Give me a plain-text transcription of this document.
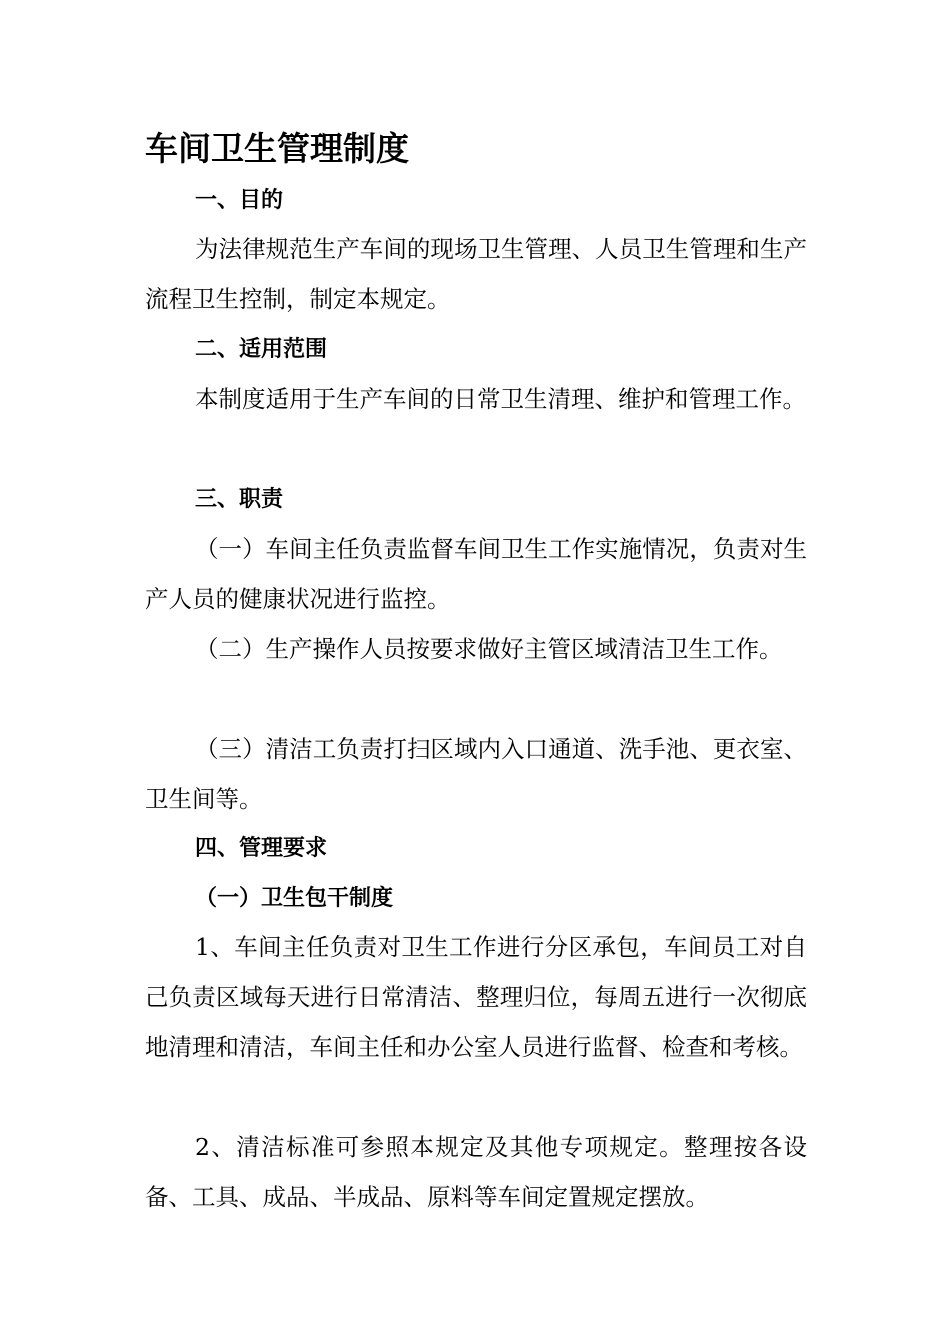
车间卫生管理制度
一、目的
为法律规范生产车间的现场卫生管理、人员卫生管理和生产流程卫生控制，制定本规定。
二、适用范围
本制度适用于生产车间的日常卫生清理、维护和管理工作。
三、职责
（一）车间主任负责监督车间卫生工作实施情况，负责对生产人员的健康状况进行监控。
（二）生产操作人员按要求做好主管区域清洁卫生工作。
（三）清洁工负责打扫区域内入口通道、洗手池、更衣室、卫生间等。
四、管理要求
（一）卫生包干制度
1、车间主任负责对卫生工作进行分区承包，车间员工对自己负责区域每天进行日常清洁、整理归位，每周五进行一次彻底地清理和清洁，车间主任和办公室人员进行监督、检查和考核。
2、清洁标准可参照本规定及其他专项规定。整理按各设备、工具、成品、半成品、原料等车间定置规定摆放。
